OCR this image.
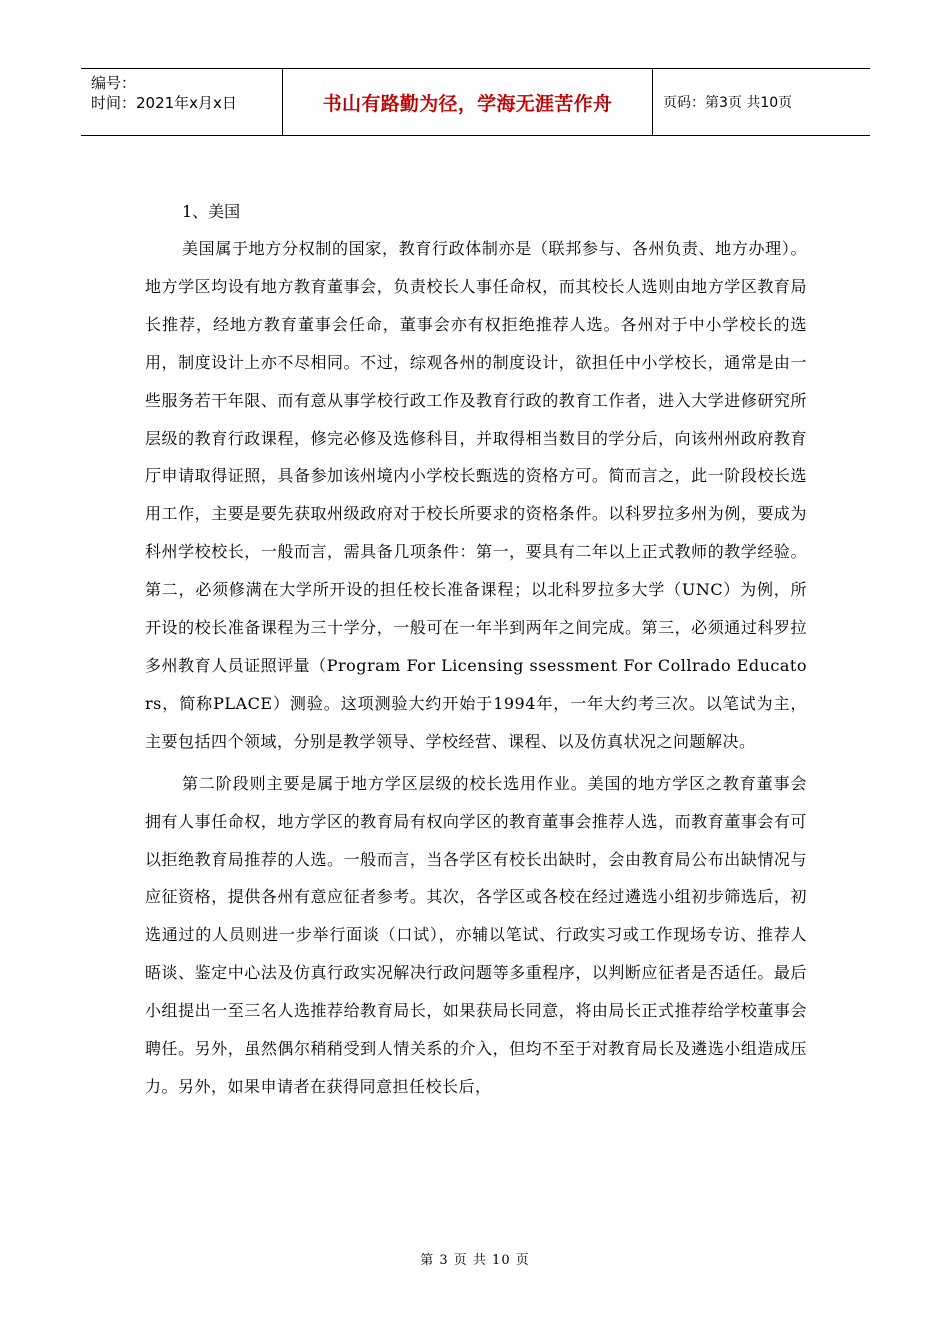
编号：
时间：2021年x月x日	书山有路勤为径，学海无涯苦作舟	页码：第3页 共10页

1、美国

美国属于地方分权制的国家，教育行政体制亦是（联邦参与、各州负责、地方办理）。地方学区均设有地方教育董事会，负责校长人事任命权，而其校长人选则由地方学区教育局长推荐，经地方教育董事会任命，董事会亦有权拒绝推荐人选。各州对于中小学校长的选用，制度设计上亦不尽相同。不过，综观各州的制度设计，欲担任中小学校长，通常是由一些服务若干年限、而有意从事学校行政工作及教育行政的教育工作者，进入大学进修研究所层级的教育行政课程，修完必修及选修科目，并取得相当数目的学分后，向该州州政府教育厅申请取得证照，具备参加该州境内小学校长甄选的资格方可。简而言之，此一阶段校长选用工作，主要是要先获取州级政府对于校长所要求的资格条件。以科罗拉多州为例，要成为科州学校校长，一般而言，需具备几项条件：第一，要具有二年以上正式教师的教学经验。第二，必须修满在大学所开设的担任校长准备课程；以北科罗拉多大学（UNC）为例，所开设的校长准备课程为三十学分，一般可在一年半到两年之间完成。第三，必须通过科罗拉多州教育人员证照评量（Program For Licensing ssessment For Collrado Educators，简称PLACE）测验。这项测验大约开始于1994年，一年大约考三次。以笔试为主，主要包括四个领域，分别是教学领导、学校经营、课程、以及仿真状况之问题解决。

第二阶段则主要是属于地方学区层级的校长选用作业。美国的地方学区之教育董事会拥有人事任命权，地方学区的教育局有权向学区的教育董事会推荐人选，而教育董事会有可以拒绝教育局推荐的人选。一般而言，当各学区有校长出缺时，会由教育局公布出缺情况与应征资格，提供各州有意应征者参考。其次，各学区或各校在经过遴选小组初步筛选后，初选通过的人员则进一步举行面谈（口试），亦辅以笔试、行政实习或工作现场专访、推荐人晤谈、鉴定中心法及仿真行政实况解决行政问题等多重程序，以判断应征者是否适任。最后小组提出一至三名人选推荐给教育局长，如果获局长同意，将由局长正式推荐给学校董事会聘任。另外，虽然偶尔稍稍受到人情关系的介入，但均不至于对教育局长及遴选小组造成压力。另外，如果申请者在获得同意担任校长后，

第 3 页 共 10 页
